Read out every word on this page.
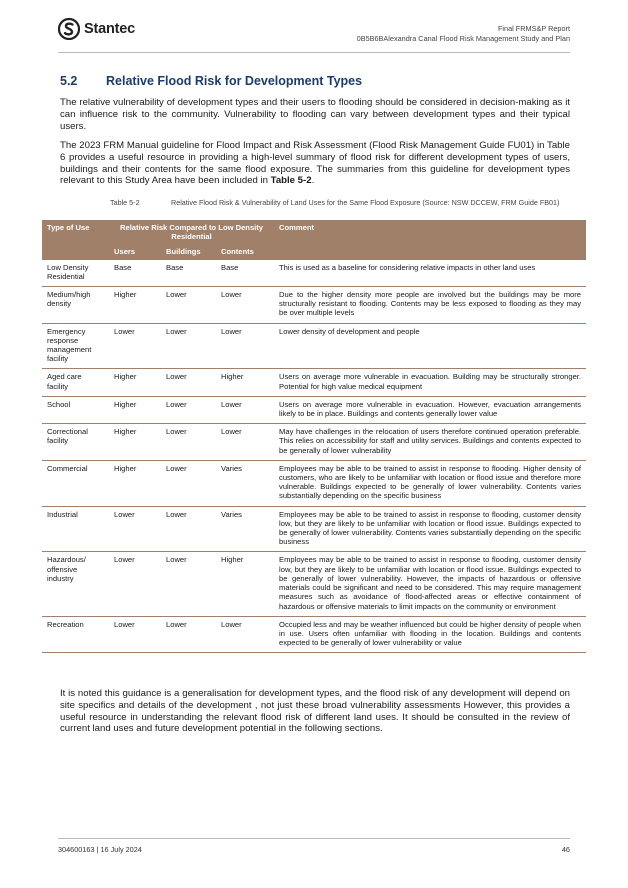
Stantec	Final FRMS&P Report
0B5B6BAlexandra Canal Flood Risk Management Study and Plan
5.2 Relative Flood Risk for Development Types
The relative vulnerability of development types and their users to flooding should be considered in decision-making as it can influence risk to the community. Vulnerability to flooding can vary between development types and their typical users.
The 2023 FRM Manual guideline for Flood Impact and Risk Assessment (Flood Risk Management Guide FU01) in Table 6 provides a useful resource in providing a high-level summary of flood risk for different development types of users, buildings and their contents for the same flood exposure. The summaries from this guideline for development types relevant to this Study Area have been included in Table 5-2.
Table 5-2	Relative Flood Risk & Vulnerability of Land Uses for the Same Flood Exposure (Source: NSW DCCEW, FRM Guide FB01)
Type of Use	Relative Risk Compared to Low Density Residential			Comment
	Users	Buildings	Contents	
Low Density Residential	Base	Base	Base	This is used as a baseline for considering relative impacts in other land uses
Medium/high density	Higher	Lower	Lower	Due to the higher density more people are involved but the buildings may be more structurally resistant to flooding. Contents may be less exposed to flooding as they may be over multiple levels
Emergency response management facility	Lower	Lower	Lower	Lower density of development and people
Aged care facility	Higher	Lower	Higher	Users on average more vulnerable in evacuation. Building may be structurally stronger. Potential for high value medical equipment
School	Higher	Lower	Lower	Users on average more vulnerable in evacuation. However, evacuation arrangements likely to be in place. Buildings and contents generally lower value
Correctional facility	Higher	Lower	Lower	May have challenges in the relocation of users therefore continued operation preferable. This relies on accessibility for staff and utility services. Buildings and contents expected to be generally of lower vulnerability
Commercial	Higher	Lower	Varies	Employees may be able to be trained to assist in response to flooding. Higher density of customers, who are likely to be unfamiliar with location or flood issue and therefore more vulnerable. Buildings expected to be generally of lower vulnerability. Contents varies substantially depending on the specific business
Industrial	Lower	Lower	Varies	Employees may be able to be trained to assist in response to flooding, customer density low, but they are likely to be unfamiliar with location or flood issue. Buildings expected to be generally of lower vulnerability. Contents varies substantially depending on the specific business
Hazardous/ offensive industry	Lower	Lower	Higher	Employees may be able to be trained to assist in response to flooding, customer density low, but they are likely to be unfamiliar with location or flood issue. Buildings expected to be generally of lower vulnerability. However, the impacts of hazardous or offensive materials could be significant and need to be considered. This may require management measures such as avoidance of flood-affected areas or effective containment of hazardous or offensive materials to limit impacts on the community or environment
Recreation	Lower	Lower	Lower	Occupied less and may be weather influenced but could be higher density of people when in use. Users often unfamiliar with flooding in the location. Buildings and contents expected to be generally of lower vulnerability or value
It is noted this guidance is a generalisation for development types, and the flood risk of any development will depend on site specifics and details of the development , not just these broad vulnerability assessments However, this provides a useful resource in understanding the relevant flood risk of different land uses. It should be consulted in the review of current land uses and future development potential in the following sections.
304600163 | 16 July 2024	46
